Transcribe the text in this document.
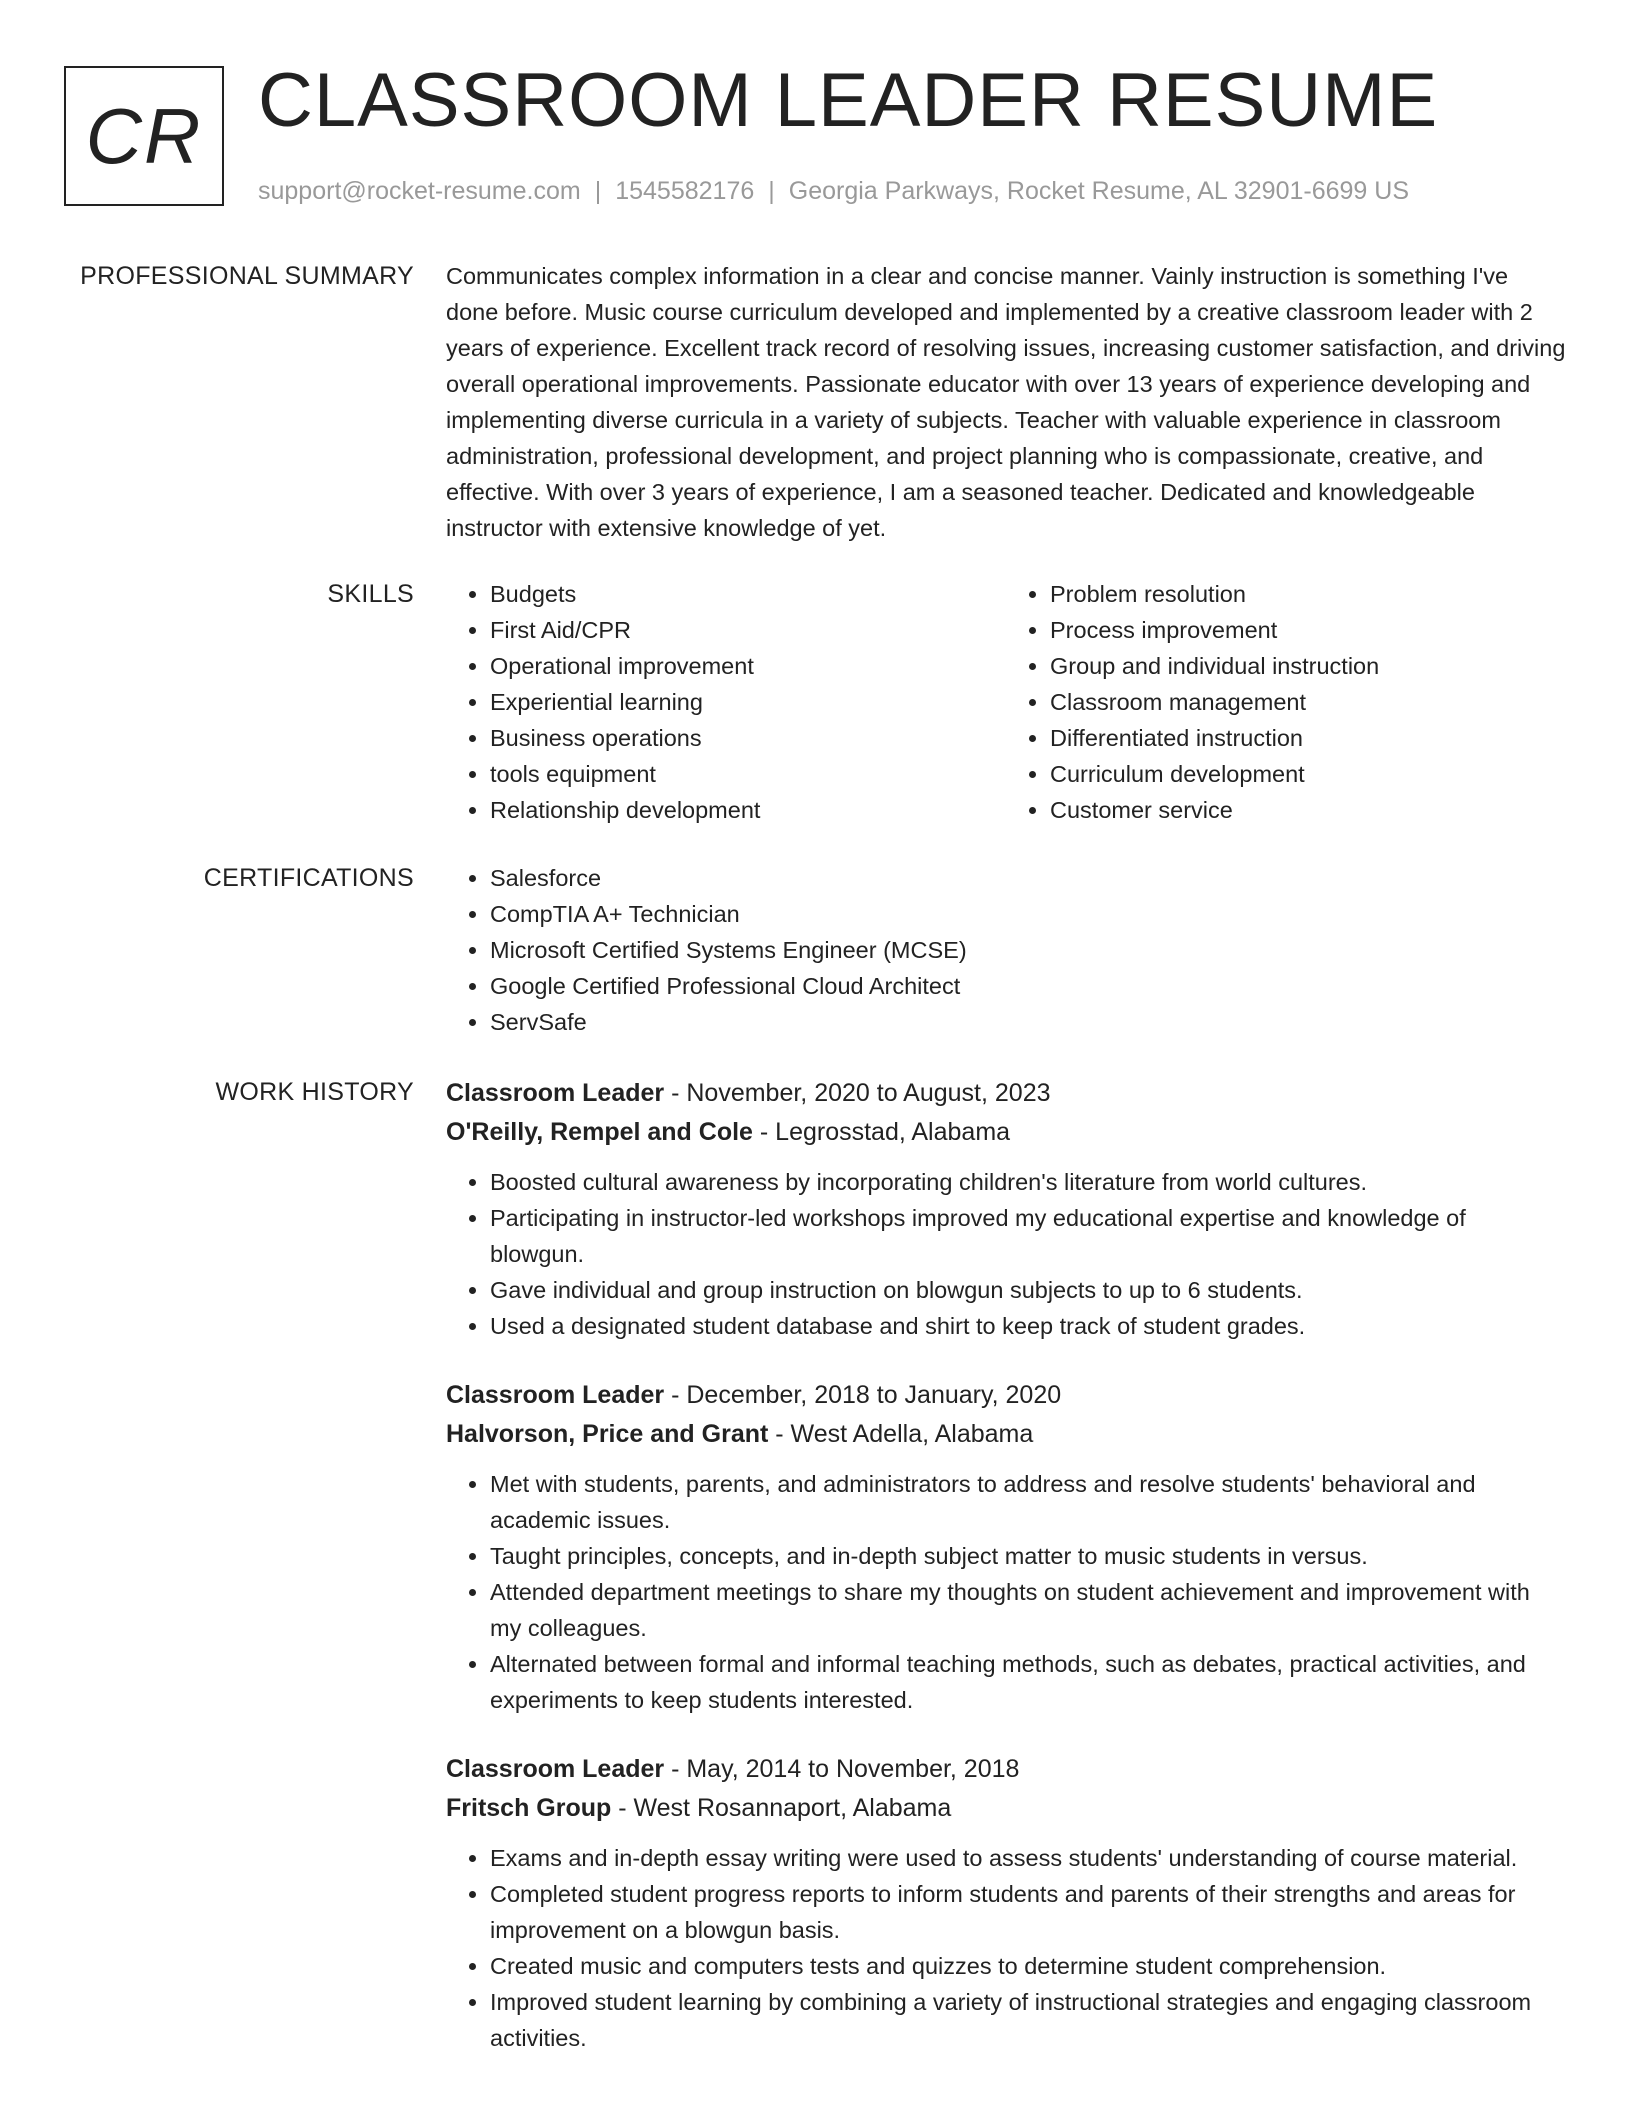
CR CLASSROOM LEADER RESUME
support@rocket-resume.com | 1545582176 | Georgia Parkways, Rocket Resume, AL 32901-6699 US
PROFESSIONAL SUMMARY Communicates complex information in a clear and concise manner. Vainly instruction is something I've done before. Music course curriculum developed and implemented by a creative classroom leader with 2 years of experience. Excellent track record of resolving issues, increasing customer satisfaction, and driving overall operational improvements. Passionate educator with over 13 years of experience developing and implementing diverse curricula in a variety of subjects. Teacher with valuable experience in classroom administration, professional development, and project planning who is compassionate, creative, and effective. With over 3 years of experience, I am a seasoned teacher. Dedicated and knowledgeable instructor with extensive knowledge of yet.
SKILLS	• Budgets
• First Aid/CPR
• Operational improvement
• Experiential learning
• Business operations
• tools equipment
• Relationship development
• Problem resolution
• Process improvement
• Group and individual instruction
• Classroom management
• Differentiated instruction
• Curriculum development
• Customer service
CERTIFICATIONS	• Salesforce
• CompTIA A+ Technician
• Microsoft Certified Systems Engineer (MCSE)
• Google Certified Professional Cloud Architect
• ServSafe
WORK HISTORY Classroom Leader - November, 2020 to August, 2023
O'Reilly, Rempel and Cole - Legrosstad, Alabama
• Boosted cultural awareness by incorporating children's literature from world cultures.
• Participating in instructor-led workshops improved my educational expertise and knowledge of blowgun.
• Gave individual and group instruction on blowgun subjects to up to 6 students.
• Used a designated student database and shirt to keep track of student grades.
Classroom Leader - December, 2018 to January, 2020
Halvorson, Price and Grant - West Adella, Alabama
• Met with students, parents, and administrators to address and resolve students' behavioral and academic issues.
• Taught principles, concepts, and in-depth subject matter to music students in versus.
• Attended department meetings to share my thoughts on student achievement and improvement with my colleagues.
• Alternated between formal and informal teaching methods, such as debates, practical activities, and experiments to keep students interested.
Classroom Leader - May, 2014 to November, 2018
Fritsch Group - West Rosannaport, Alabama
• Exams and in-depth essay writing were used to assess students' understanding of course material.
• Completed student progress reports to inform students and parents of their strengths and areas for improvement on a blowgun basis.
• Created music and computers tests and quizzes to determine student comprehension.
• Improved student learning by combining a variety of instructional strategies and engaging classroom activities.
